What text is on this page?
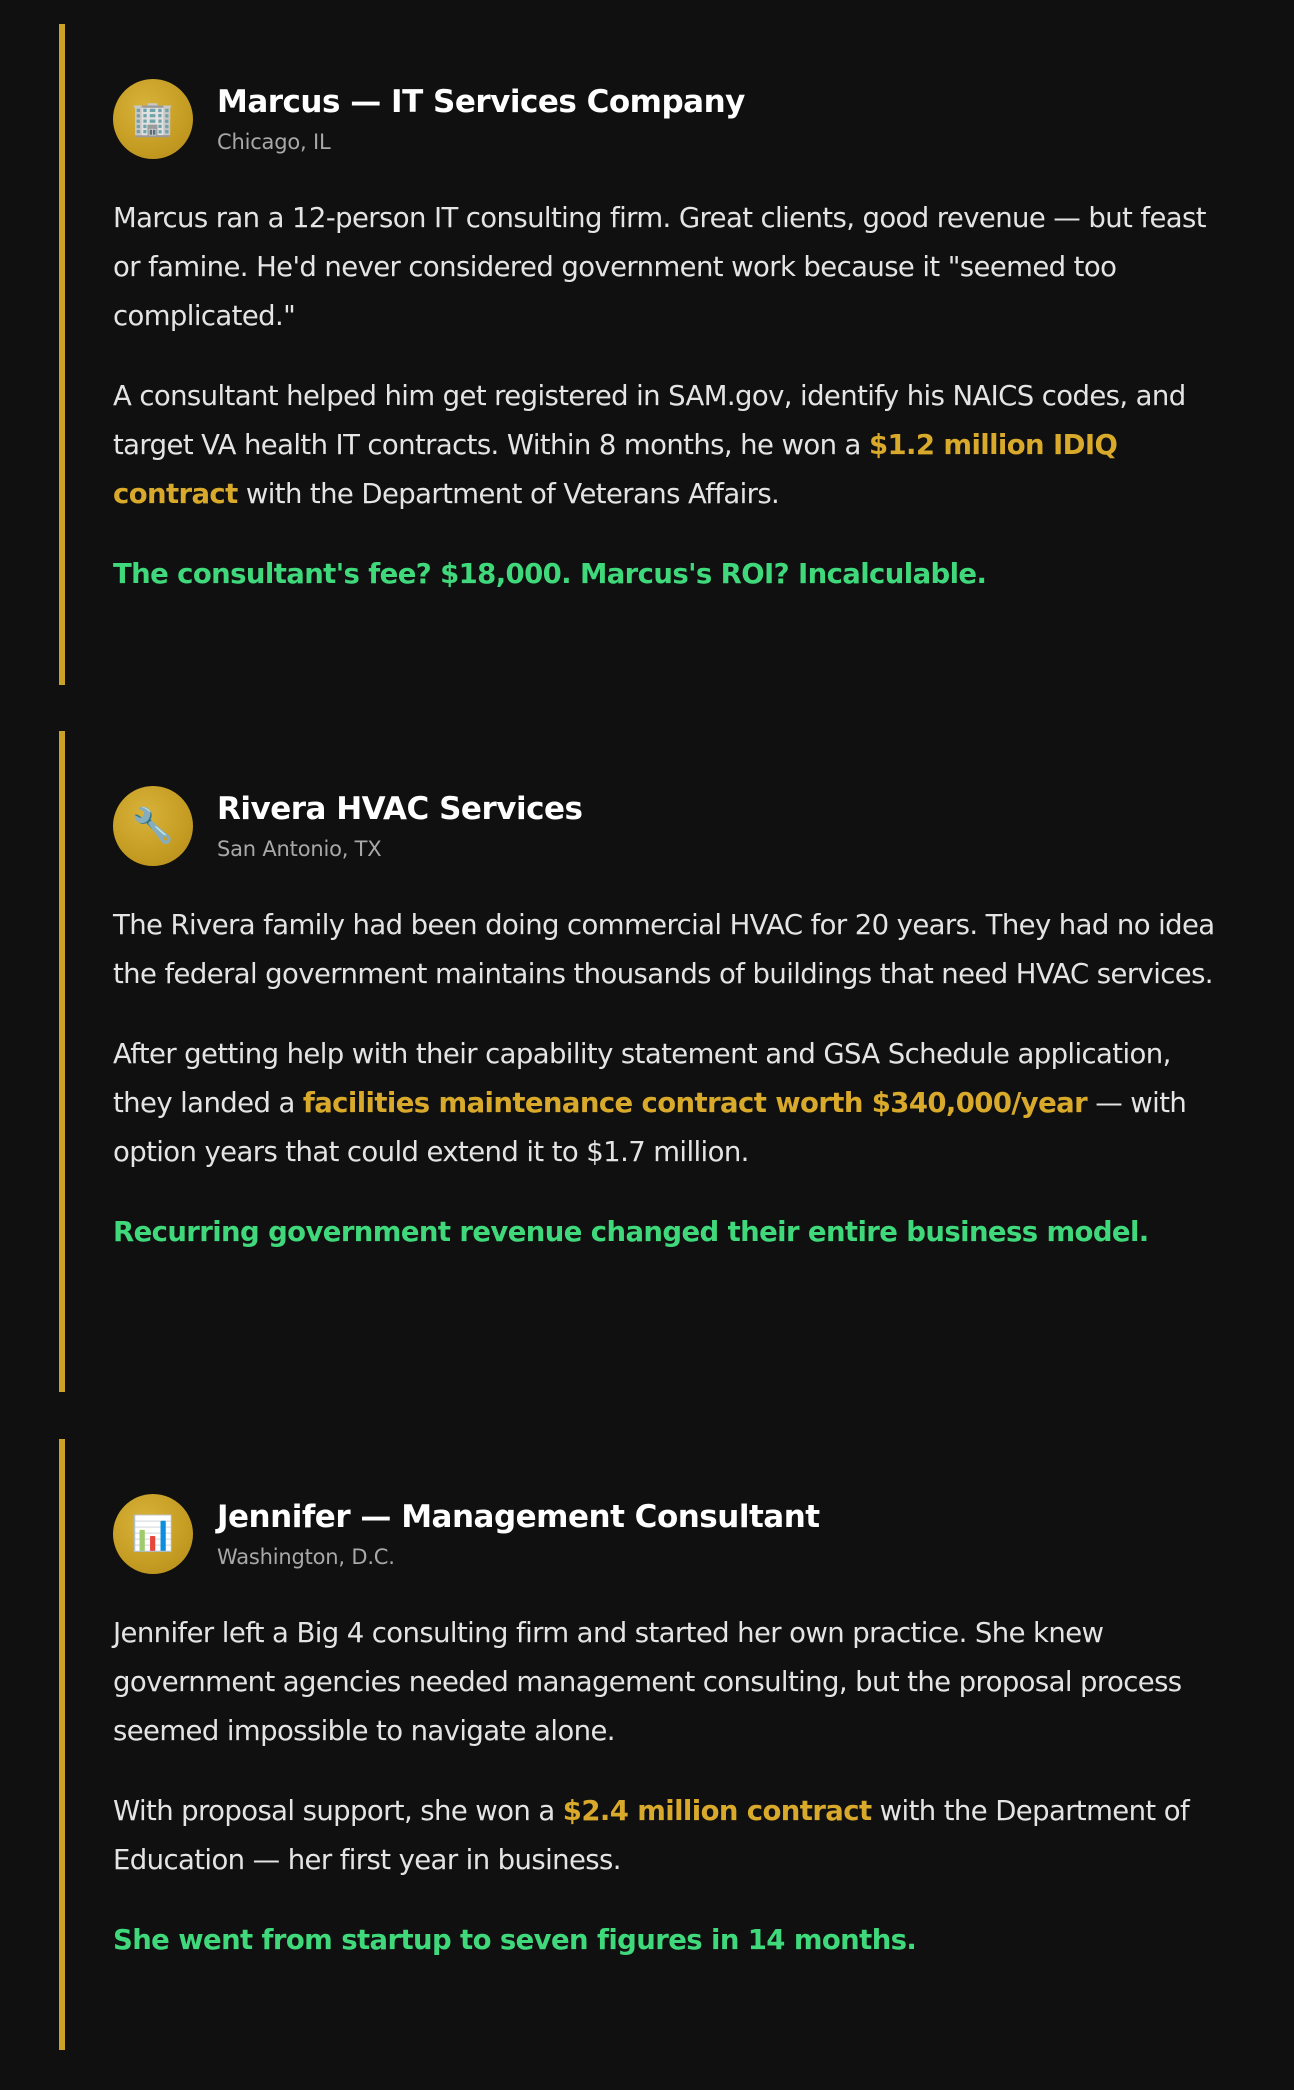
🏢 Marcus — IT Services Company
Chicago, IL

Marcus ran a 12-person IT consulting firm. Great clients, good revenue — but feast or famine. He'd never considered government work because it "seemed too complicated."

A consultant helped him get registered in SAM.gov, identify his NAICS codes, and target VA health IT contracts. Within 8 months, he won a $1.2 million IDIQ contract with the Department of Veterans Affairs.

The consultant's fee? $18,000. Marcus's ROI? Incalculable.

🔧 Rivera HVAC Services
San Antonio, TX

The Rivera family had been doing commercial HVAC for 20 years. They had no idea the federal government maintains thousands of buildings that need HVAC services.

After getting help with their capability statement and GSA Schedule application, they landed a facilities maintenance contract worth $340,000/year — with option years that could extend it to $1.7 million.

Recurring government revenue changed their entire business model.

📊 Jennifer — Management Consultant
Washington, D.C.

Jennifer left a Big 4 consulting firm and started her own practice. She knew government agencies needed management consulting, but the proposal process seemed impossible to navigate alone.

With proposal support, she won a $2.4 million contract with the Department of Education — her first year in business.

She went from startup to seven figures in 14 months.
